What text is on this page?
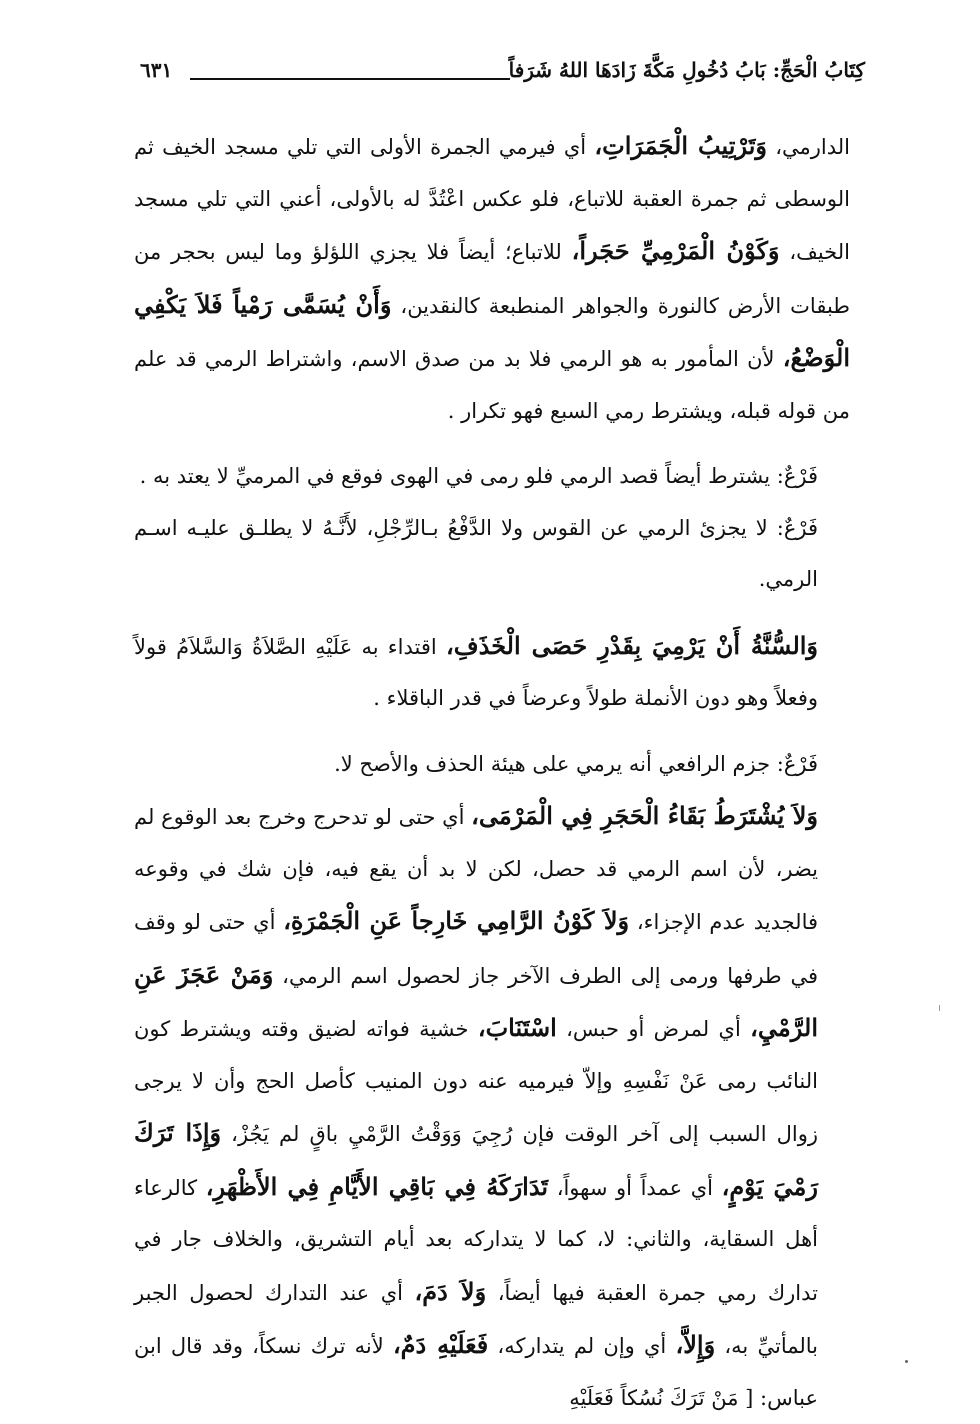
كِتَابُ الْحَجِّ: بَابُ دُخُولِ مَكَّةَ زَادَهَا اللهُ شَرَفاً
٦٣١

الدارمي، وَتَرْتِيبُ الْجَمَرَاتِ، أي فيرمي الجمرة الأولى التي تلي مسجد الخيف ثم الوسطى ثم جمرة العقبة للاتباع، فلو عكس اعْتُدَّ له بالأولى، أعني التي تلي مسجد الخيف، وَكَوْنُ الْمَرْمِيِّ حَجَراً، للاتباع؛ أيضاً فلا يجزي اللؤلؤ وما ليس بحجر من طبقات الأرض كالنورة والجواهر المنطبعة كالنقدين، وَأَنْ يُسَمَّى رَمْياً فَلاَ يَكْفِي الْوَضْعُ، لأن المأمور به هو الرمي فلا بد من صدق الاسم، واشتراط الرمي قد علم من قوله قبله، ويشترط رمي السبع فهو تكرار .

فَرْعٌ: يشترط أيضاً قصد الرمي فلو رمى في الهوى فوقع في المرميِّ لا يعتد به .

فَرْعٌ: لا يجزئ الرمي عن القوس ولا الدَّفْعُ بـالرِّجْلِ، لأَنَّـهُ لا يطلـق عليـه اسـم الرمي.

وَالسُّنَّةُ أَنْ يَرْمِيَ بِقَدْرِ حَصَى الْخَذَفِ، اقتداء به عَلَيْهِ الصَّلاَةُ وَالسَّلاَمُ قولاً وفعلاً وهو دون الأنملة طولاً وعرضاً في قدر الباقلاء .

فَرْعٌ: جزم الرافعي أنه يرمي على هيئة الحذف والأصح لا.

وَلاَ يُشْتَرَطُ بَقَاءُ الْحَجَرِ فِي الْمَرْمَى، أي حتى لو تدحرج وخرج بعد الوقوع لم يضر، لأن اسم الرمي قد حصل، لكن لا بد أن يقع فيه، فإن شك في وقوعه فالجديد عدم الإجزاء، وَلاَ كَوْنُ الرَّامِي خَارِجاً عَنِ الْجَمْرَةِ، أي حتى لو وقف في طرفها ورمى إلى الطرف الآخر جاز لحصول اسم الرمي، وَمَنْ عَجَزَ عَنِ الرَّمْيِ، أي لمرض أو حبس، اسْتَنَابَ، خشية فواته لضيق وقته ويشترط كون النائب رمى عَنْ نَفْسِهِ وإلاّ فيرميه عنه دون المنيب كأصل الحج وأن لا يرجى زوال السبب إلى آخر الوقت فإن رُجِيَ وَوَقْتُ الرَّمْيِ باقٍ لم يَجُزْ، وَإِذَا تَرَكَ رَمْيَ يَوْمٍ، أي عمداً أو سهواً، تَدَارَكَهُ فِي بَاقِي الأَيَّامِ فِي الأَظْهَرِ، كالرعاء أهل السقاية، والثاني: لا، كما لا يتداركه بعد أيام التشريق، والخلاف جار في تدارك رمي جمرة العقبة فيها أيضاً، وَلاَ دَمَ، أي عند التدارك لحصول الجبر بالمأتيِّ به، وَإِلاَّ، أي وإن لم يتداركه، فَعَلَيْهِ دَمٌ، لأنه ترك نسكاً، وقد قال ابن عباس: [ مَنْ تَرَكَ نُسُكاً فَعَلَيْهِ
